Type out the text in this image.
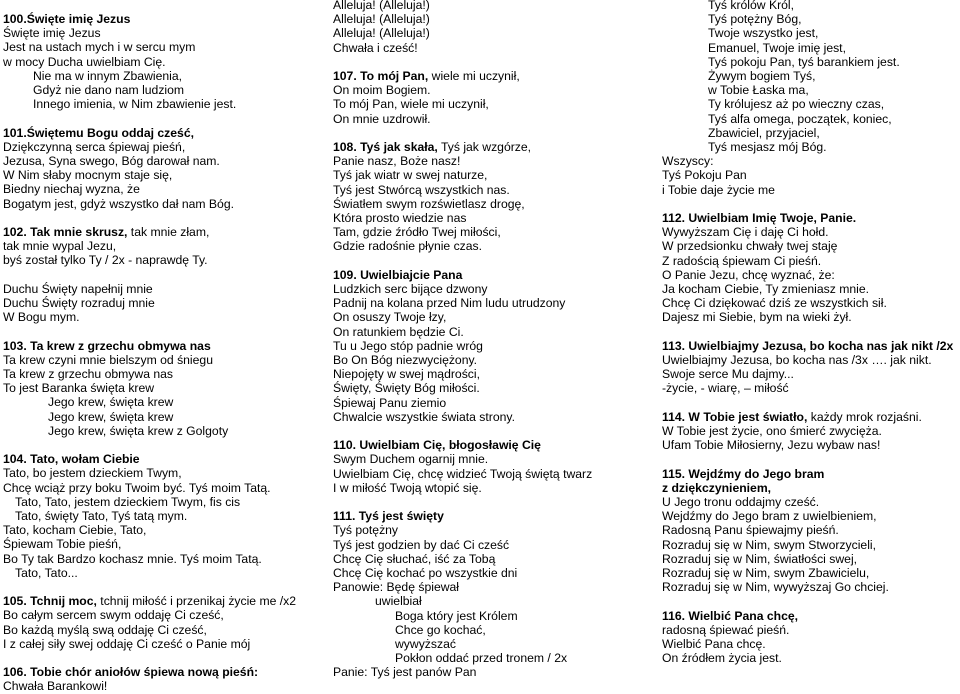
100.Święte imię Jezus
Święte imię Jezus
Jest na ustach mych i w sercu mym
w mocy Ducha uwielbiam Cię.
Nie ma w innym Zbawienia,
Gdyż nie dano nam ludziom
Innego imienia, w Nim zbawienie jest.
101.Świętemu Bogu oddaj cześć,
Dziękczynną serca śpiewaj pieśń,
Jezusa, Syna swego, Bóg darował nam.
W Nim słaby mocnym staje się,
Biedny niechaj wyzna, że
Bogatym jest, gdyż wszystko dał nam Bóg.
102. Tak mnie skrusz, tak mnie złam,
tak mnie wypal Jezu,
byś został tylko Ty / 2x - naprawdę Ty.
Duchu Święty napełnij mnie
Duchu Święty rozraduj mnie
W Bogu mym.
103. Ta krew z grzechu obmywa nas
Ta krew czyni mnie bielszym od śniegu
Ta krew z grzechu obmywa nas
To jest Baranka święta krew
Jego krew, święta krew
Jego krew, święta krew
Jego krew, święta krew z Golgoty
104. Tato, wołam Ciebie
Tato, bo jestem dzieckiem Twym,
Chcę wciąż przy boku Twoim być. Tyś moim Tatą.
Tato, Tato, jestem dzieckiem Twym, fis cis
Tato, święty Tato, Tyś tatą mym.
Tato, kocham Ciebie, Tato,
Śpiewam Tobie pieśń,
Bo Ty tak Bardzo kochasz mnie. Tyś moim Tatą.
Tato, Tato...
105. Tchnij moc, tchnij miłość i przenikaj życie me /x2
Bo całym sercem swym oddaję Ci cześć,
Bo każdą myślą swą oddaję Ci cześć,
I z całej siły swej oddaję Ci cześć o Panie mój
106. Tobie chór aniołów śpiewa nową pieśń:
Chwała Barankowi!
Alleluja! (Alleluja!)
Alleluja! (Alleluja!)
Alleluja! (Alleluja!)
Chwała i cześć!
107. To mój Pan, wiele mi uczynił,
On moim Bogiem.
To mój Pan, wiele mi uczynił,
On mnie uzdrowił.
108. Tyś jak skała, Tyś jak wzgórze,
Panie nasz, Boże nasz!
Tyś jak wiatr w swej naturze,
Tyś jest Stwórcą wszystkich nas.
Światłem swym rozświetlasz drogę,
Która prosto wiedzie nas
Tam, gdzie źródło Twej miłości,
Gdzie radośnie płynie czas.
109. Uwielbiajcie Pana
Ludzkich serc bijące dzwony
Padnij na kolana przed Nim ludu utrudzony
On osuszy Twoje łzy,
On ratunkiem będzie Ci.
Tu u Jego stóp padnie wróg
Bo On Bóg niezwyciężony.
Niepojęty w swej mądrości,
Święty, Święty Bóg miłości.
Śpiewaj Panu ziemio
Chwalcie wszystkie świata strony.
110. Uwielbiam Cię, błogosławię Cię
Swym Duchem ogarnij mnie.
Uwielbiam Cię, chcę widzieć Twoją świętą twarz
I w miłość Twoją wtopić się.
111. Tyś jest święty
Tyś potężny
Tyś jest godzien by dać Ci cześć
Chcę Cię słuchać, iść za Tobą
Chcę Cię kochać po wszystkie dni
Panowie: Będę śpiewał
uwielbiał
Boga który jest Królem
Chce go kochać,
wywyższać
Pokłon oddać przed tronem / 2x
Panie: Tyś jest panów Pan
Tyś królów Król,
Tyś potężny Bóg,
Twoje wszystko jest,
Emanuel, Twoje imię jest,
Tyś pokoju Pan, tyś barankiem jest.
Żywym bogiem Tyś,
w Tobie Łaska ma,
Ty królujesz aż po wieczny czas,
Tyś alfa omega, początek, koniec,
Zbawiciel, przyjaciel,
Tyś mesjasz mój Bóg.
Wszyscy:
Tyś Pokoju Pan
i Tobie daje życie me
112. Uwielbiam Imię Twoje, Panie.
Wywyższam Cię i daję Ci hołd.
W przedsionku chwały twej staję
Z radością śpiewam Ci pieśń.
O Panie Jezu, chcę wyznać, że:
Ja kocham Ciebie, Ty zmieniasz mnie.
Chcę Ci dziękować dziś ze wszystkich sił.
Dajesz mi Siebie, bym na wieki żył.
113. Uwielbiajmy Jezusa, bo kocha nas jak nikt /2x
Uwielbiajmy Jezusa, bo kocha nas /3x …. jak nikt.
Swoje serce Mu dajmy...
-życie, - wiarę, – miłość
114. W Tobie jest światło, każdy mrok rozjaśni.
W Tobie jest życie, ono śmierć zwycięża.
Ufam Tobie Miłosierny, Jezu wybaw nas!
115. Wejdźmy do Jego bram
z dziękczynieniem,
U Jego tronu oddajmy cześć.
Wejdźmy do Jego bram z uwielbieniem,
Radosną Panu śpiewajmy pieśń.
Rozraduj się w Nim, swym Stworzycieli,
Rozraduj się w Nim, światłości swej,
Rozraduj się w Nim, swym Zbawicielu,
Rozraduj się w Nim, wywyższaj Go chciej.
116. Wielbić Pana chcę,
radosną śpiewać pieśń.
Wielbić Pana chcę.
On źródłem życia jest.
